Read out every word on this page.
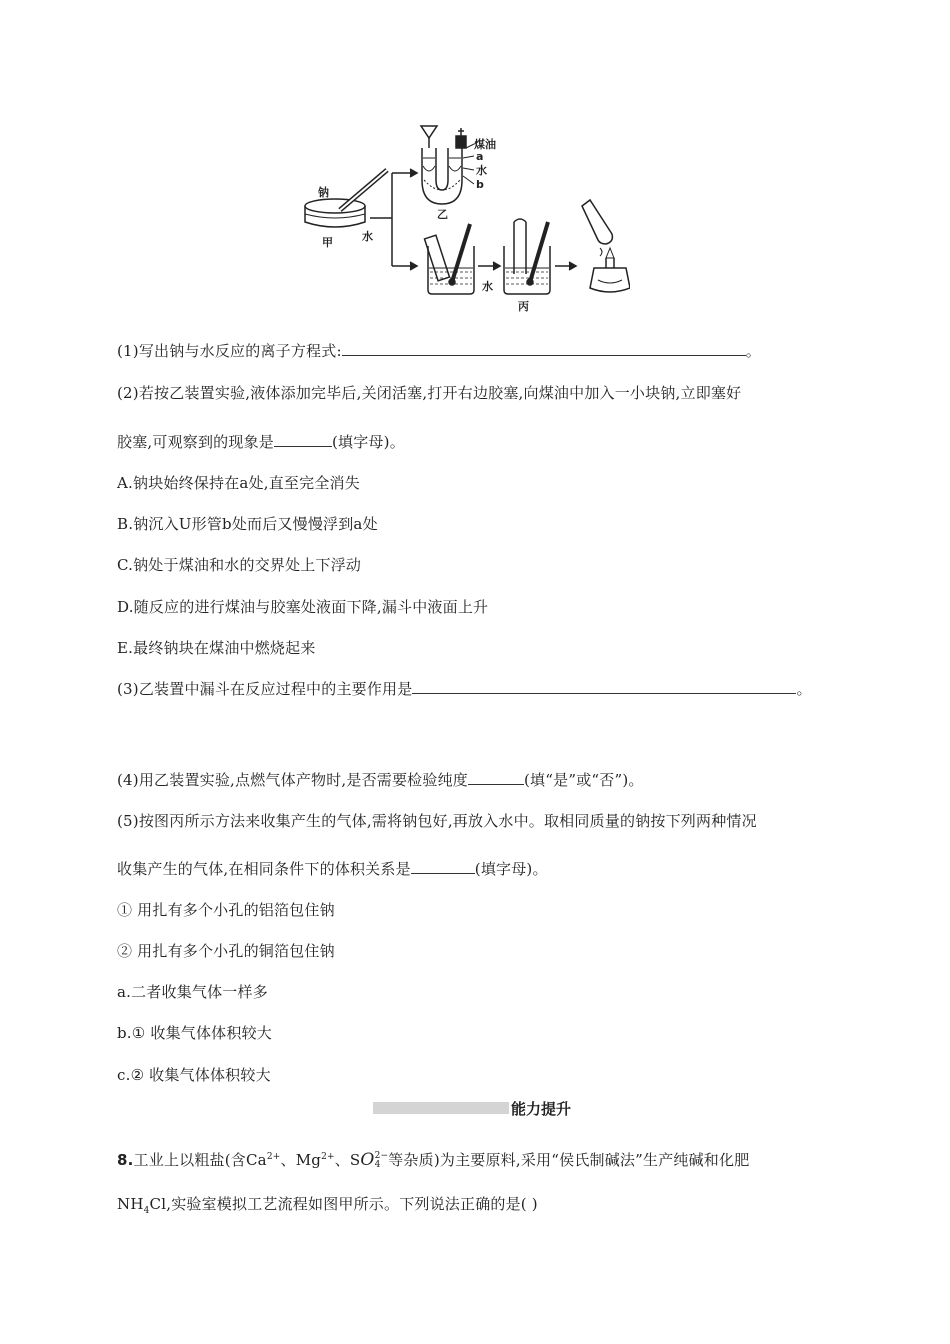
钠
甲	水
煤油
a
水
b
乙
水
丙
(1)写出钠与水反应的离子方程式:	。
(2)若按乙装置实验,液体添加完毕后,关闭活塞,打开右边胶塞,向煤油中加入一小块钠,立即塞好
胶塞,可观察到的现象是	(填字母)。
A.钠块始终保持在a处,直至完全消失
B.钠沉入U形管b处而后又慢慢浮到a处
C.钠处于煤油和水的交界处上下浮动
D.随反应的进行煤油与胶塞处液面下降,漏斗中液面上升
E.最终钠块在煤油中燃烧起来
(3)乙装置中漏斗在反应过程中的主要作用是	。
(4)用乙装置实验,点燃气体产物时,是否需要检验纯度	(填“是”或“否”)。
(5)按图丙所示方法来收集产生的气体,需将钠包好,再放入水中。取相同质量的钠按下列两种情况
收集产生的气体,在相同条件下的体积关系是	(填字母)。
① 用扎有多个小孔的铝箔包住钠
② 用扎有多个小孔的铜箔包住钠
a.二者收集气体一样多
b.① 收集气体体积较大
c.② 收集气体体积较大
能力提升
8.工业上以粗盐(含$Ca^{2+}$、$Mg^{2+}$、SO 2−
4 等杂质)为主要原料,采用“侯氏制碱法”生产纯碱和化肥
$NH_4Cl$,实验室模拟工艺流程如图甲所示。下列说法正确的是( )
